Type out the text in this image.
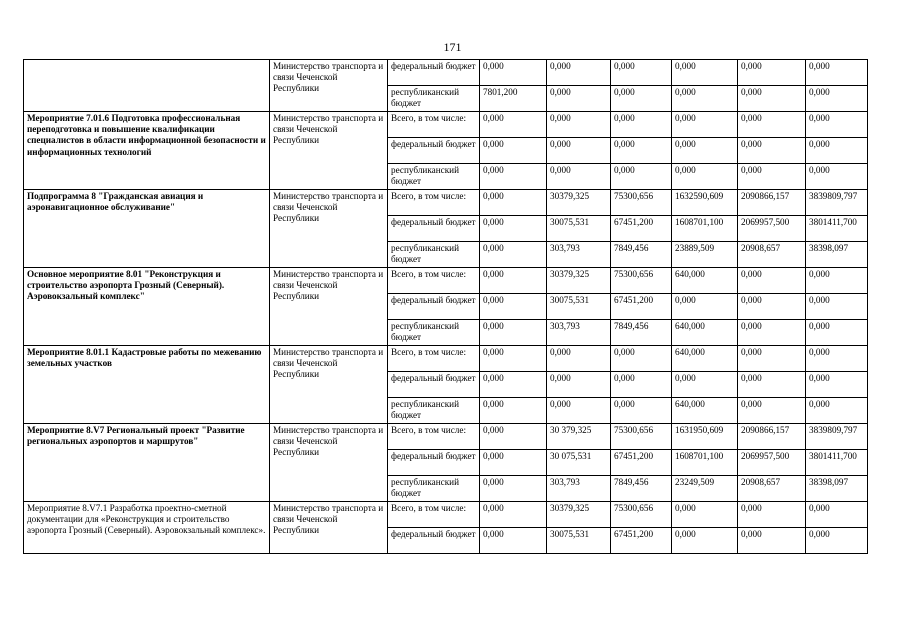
171
	Министерство транспорта и связи Чеченской Республики	федеральный бюджет	0,000	0,000	0,000	0,000	0,000	0,000
		республиканский бюджет	7801,200	0,000	0,000	0,000	0,000	0,000
Мероприятие 7.01.6 Подготовка профессиональная переподготовка и повышение квалификации специалистов в области информационной безопасности и информационных технологий	Министерство транспорта и связи Чеченской Республики	Всего, в том числе:	0,000	0,000	0,000	0,000	0,000	0,000
		федеральный бюджет	0,000	0,000	0,000	0,000	0,000	0,000
		республиканский бюджет	0,000	0,000	0,000	0,000	0,000	0,000
Подпрограмма 8 "Гражданская авиация и аэронавигационное обслуживание"	Министерство транспорта и связи Чеченской Республики	Всего, в том числе:	0,000	30379,325	75300,656	1632590,609	2090866,157	3839809,797
		федеральный бюджет	0,000	30075,531	67451,200	1608701,100	2069957,500	3801411,700
		республиканский бюджет	0,000	303,793	7849,456	23889,509	20908,657	38398,097
Основное мероприятие 8.01 "Реконструкция и строительство аэропорта Грозный (Северный). Аэровокзальный комплекс"	Министерство транспорта и связи Чеченской Республики	Всего, в том числе:	0,000	30379,325	75300,656	640,000	0,000	0,000
		федеральный бюджет	0,000	30075,531	67451,200	0,000	0,000	0,000
		республиканский бюджет	0,000	303,793	7849,456	640,000	0,000	0,000
Мероприятие 8.01.1 Кадастровые работы по межеванию земельных участков	Министерство транспорта и связи Чеченской Республики	Всего, в том числе:	0,000	0,000	0,000	640,000	0,000	0,000
		федеральный бюджет	0,000	0,000	0,000	0,000	0,000	0,000
		республиканский бюджет	0,000	0,000	0,000	640,000	0,000	0,000
Мероприятие 8.V7 Региональный проект "Развитие региональных аэропортов и маршрутов"	Министерство транспорта и связи Чеченской Республики	Всего, в том числе:	0,000	30 379,325	75300,656	1631950,609	2090866,157	3839809,797
		федеральный бюджет	0,000	30 075,531	67451,200	1608701,100	2069957,500	3801411,700
		республиканский бюджет	0,000	303,793	7849,456	23249,509	20908,657	38398,097
Мероприятие 8.V7.1 Разработка проектно-сметной документации для «Реконструкция и строительство аэропорта Грозный (Северный). Аэровокзальный комплекс».	Министерство транспорта и связи Чеченской Республики	Всего, в том числе:	0,000	30379,325	75300,656	0,000	0,000	0,000
		федеральный бюджет	0,000	30075,531	67451,200	0,000	0,000	0,000
